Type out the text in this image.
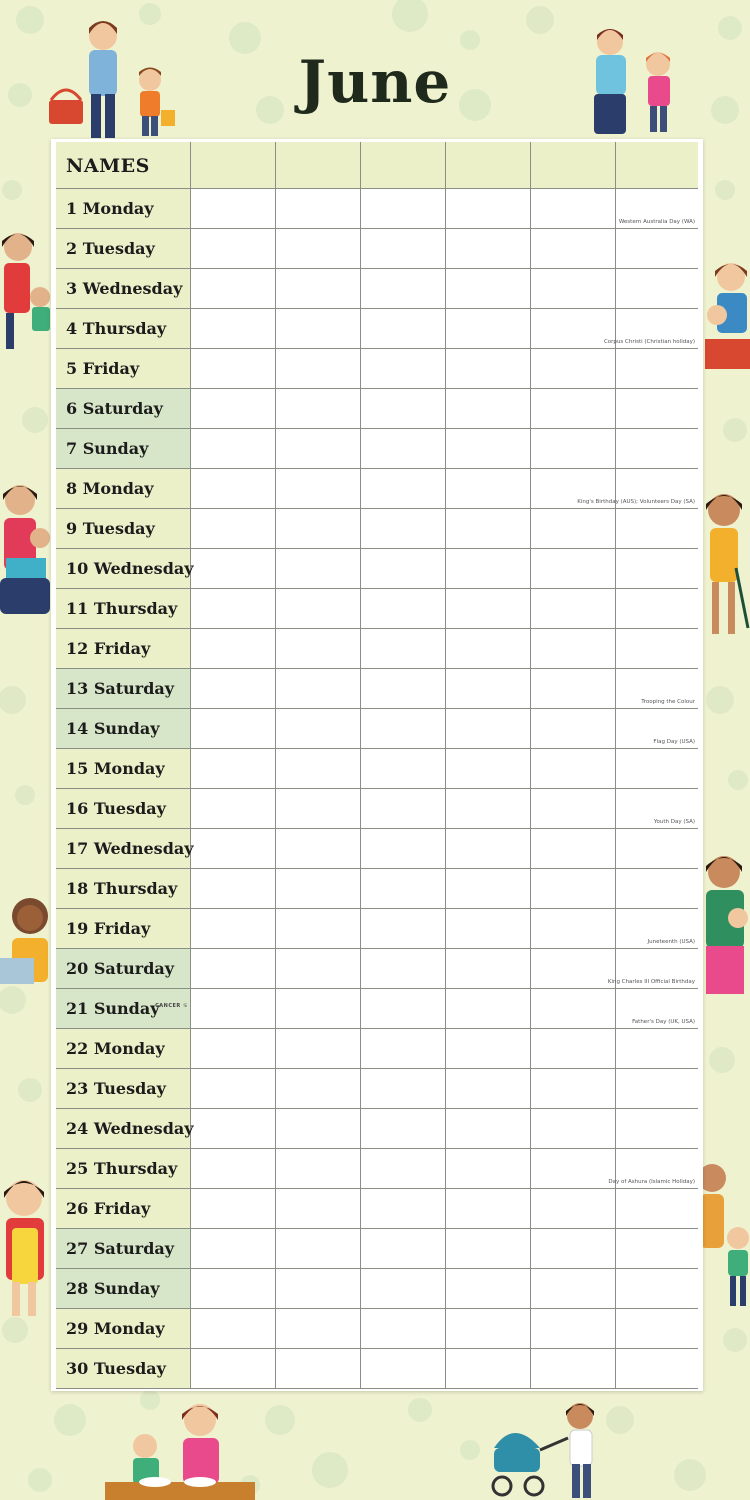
June
NAMES
1 Monday
Western Australia Day (WA)
2 Tuesday
3 Wednesday
4 Thursday
Corpus Christi (Christian holiday)
5 Friday
6 Saturday
7 Sunday
8 Monday
King's Birthday (AUS); Volunteers Day (SA)
9 Tuesday
10 Wednesday
11 Thursday
12 Friday
13 Saturday
Trooping the Colour
14 Sunday
Flag Day (USA)
15 Monday
16 Tuesday
Youth Day (SA)
17 Wednesday
18 Thursday
19 Friday
Juneteenth (USA)
20 Saturday
King Charles III Official Birthday
21 Sunday
CANCER ♋
Father's Day (UK, USA)
22 Monday
23 Tuesday
24 Wednesday
25 Thursday
Day of Ashura (Islamic Holiday)
26 Friday
27 Saturday
28 Sunday
29 Monday
30 Tuesday
